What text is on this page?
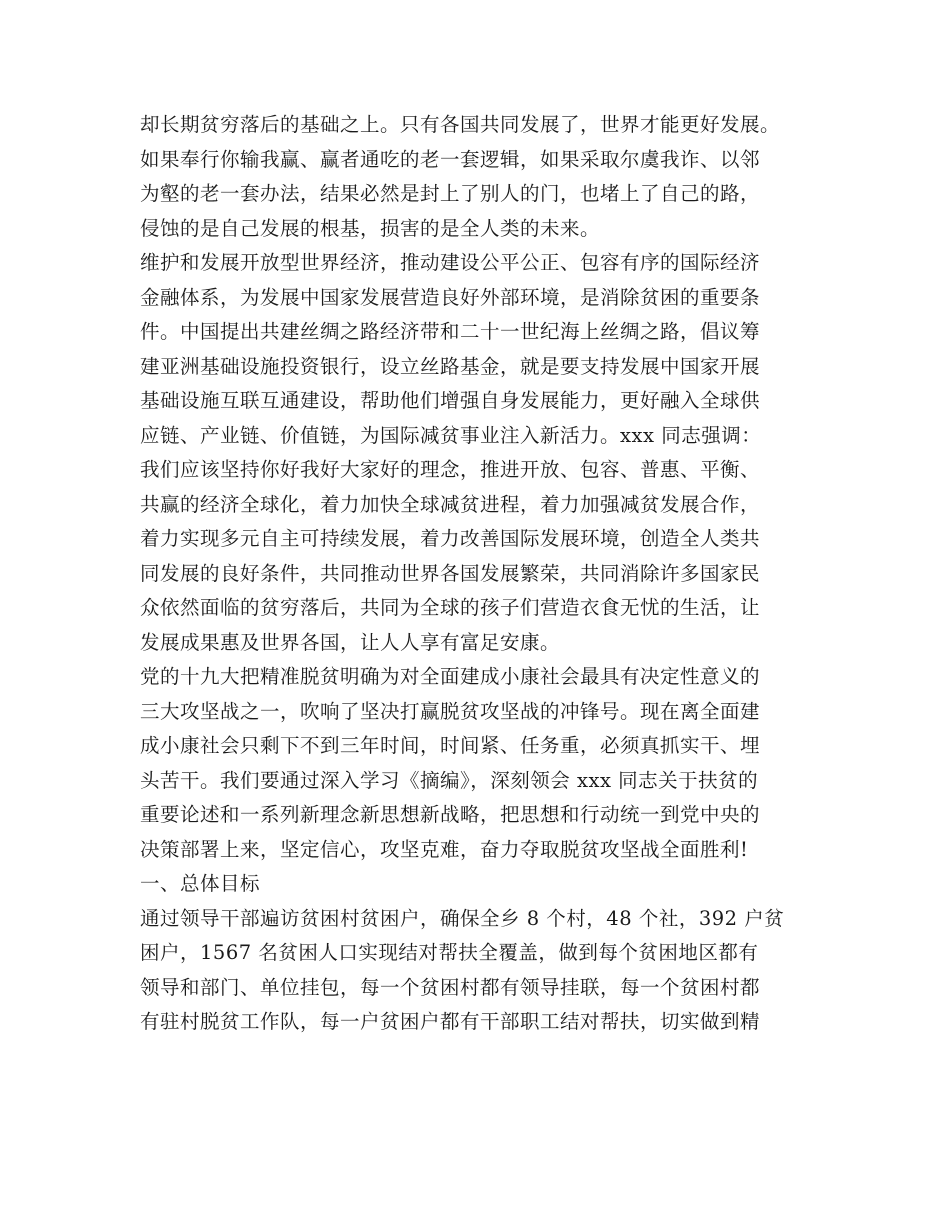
却长期贫穷落后的基础之上。只有各国共同发展了，世界才能更好发展。
如果奉行你输我赢、赢者通吃的老一套逻辑，如果采取尔虞我诈、以邻
为壑的老一套办法，结果必然是封上了别人的门，也堵上了自己的路，
侵蚀的是自己发展的根基，损害的是全人类的未来。
维护和发展开放型世界经济，推动建设公平公正、包容有序的国际经济
金融体系，为发展中国家发展营造良好外部环境，是消除贫困的重要条
件。中国提出共建丝绸之路经济带和二十一世纪海上丝绸之路，倡议筹
建亚洲基础设施投资银行，设立丝路基金，就是要支持发展中国家开展
基础设施互联互通建设，帮助他们增强自身发展能力，更好融入全球供
应链、产业链、价值链，为国际减贫事业注入新活力。xxx 同志强调：
我们应该坚持你好我好大家好的理念，推进开放、包容、普惠、平衡、
共赢的经济全球化，着力加快全球减贫进程，着力加强减贫发展合作，
着力实现多元自主可持续发展，着力改善国际发展环境，创造全人类共
同发展的良好条件，共同推动世界各国发展繁荣，共同消除许多国家民
众依然面临的贫穷落后，共同为全球的孩子们营造衣食无忧的生活，让
发展成果惠及世界各国，让人人享有富足安康。
党的十九大把精准脱贫明确为对全面建成小康社会最具有决定性意义的
三大攻坚战之一，吹响了坚决打赢脱贫攻坚战的冲锋号。现在离全面建
成小康社会只剩下不到三年时间，时间紧、任务重，必须真抓实干、埋
头苦干。我们要通过深入学习《摘编》，深刻领会 xxx 同志关于扶贫的
重要论述和一系列新理念新思想新战略，把思想和行动统一到党中央的
决策部署上来，坚定信心，攻坚克难，奋力夺取脱贫攻坚战全面胜利!
一、总体目标
通过领导干部遍访贫困村贫困户，确保全乡 8 个村，48 个社，392 户贫
困户，1567 名贫困人口实现结对帮扶全覆盖，做到每个贫困地区都有
领导和部门、单位挂包，每一个贫困村都有领导挂联，每一个贫困村都
有驻村脱贫工作队，每一户贫困户都有干部职工结对帮扶，切实做到精
